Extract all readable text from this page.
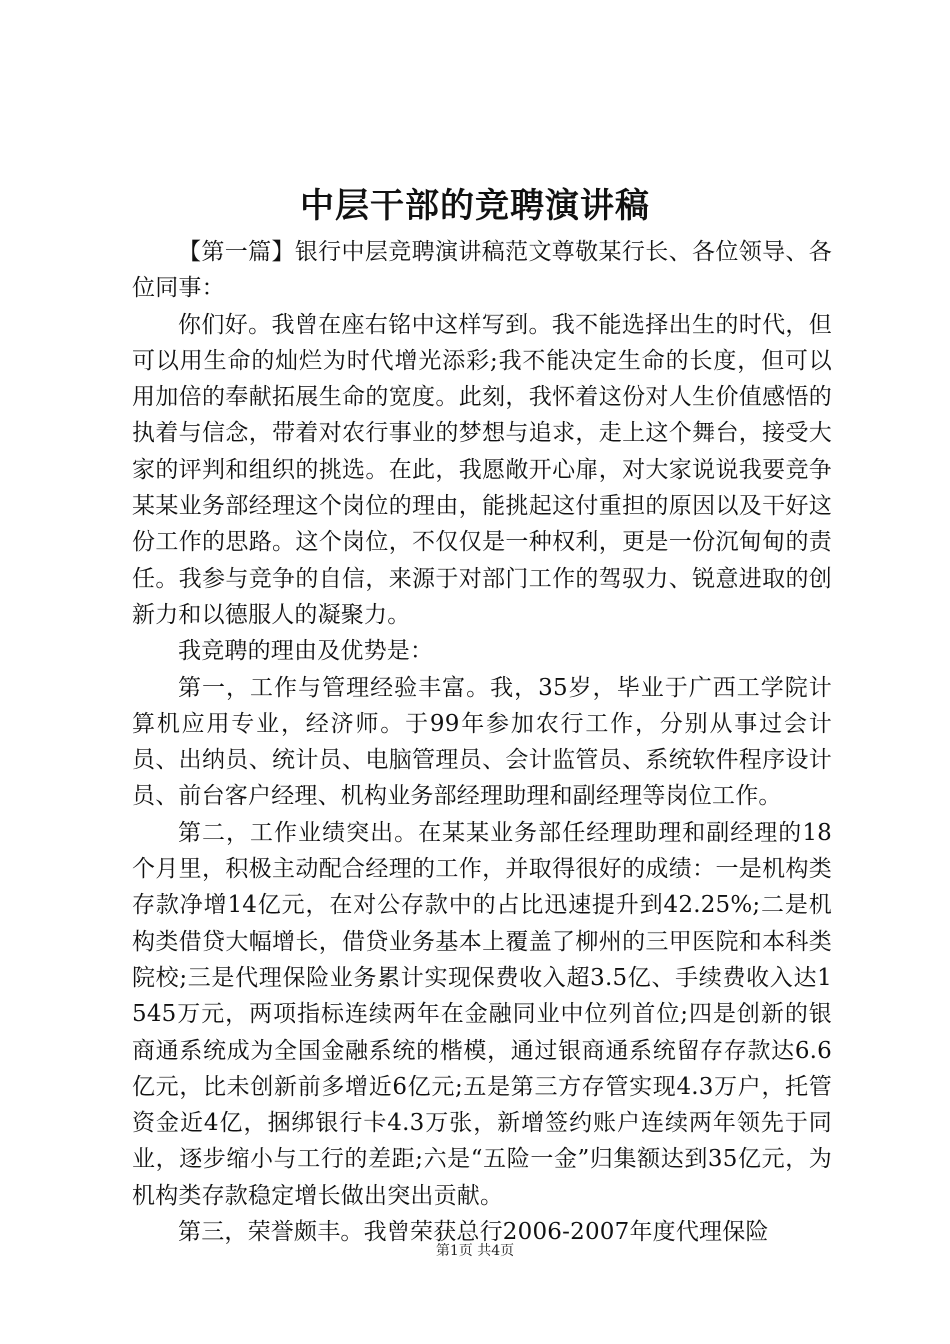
中层干部的竞聘演讲稿

【第一篇】银行中层竞聘演讲稿范文尊敬某行长、各位领导、各位同事：

你们好。我曾在座右铭中这样写到。我不能选择出生的时代，但可以用生命的灿烂为时代增光添彩;我不能决定生命的长度，但可以用加倍的奉献拓展生命的宽度。此刻，我怀着这份对人生价值感悟的执着与信念，带着对农行事业的梦想与追求，走上这个舞台，接受大家的评判和组织的挑选。在此，我愿敞开心扉，对大家说说我要竞争某某业务部经理这个岗位的理由，能挑起这付重担的原因以及干好这份工作的思路。这个岗位，不仅仅是一种权利，更是一份沉甸甸的责任。我参与竞争的自信，来源于对部门工作的驾驭力、锐意进取的创新力和以德服人的凝聚力。

我竞聘的理由及优势是：

第一，工作与管理经验丰富。我，35岁，毕业于广西工学院计算机应用专业，经济师。于99年参加农行工作，分别从事过会计员、出纳员、统计员、电脑管理员、会计监管员、系统软件程序设计员、前台客户经理、机构业务部经理助理和副经理等岗位工作。

第二，工作业绩突出。在某某业务部任经理助理和副经理的18个月里，积极主动配合经理的工作，并取得很好的成绩：一是机构类存款净增14亿元，在对公存款中的占比迅速提升到42.25%;二是机构类借贷大幅增长，借贷业务基本上覆盖了柳州的三甲医院和本科类院校;三是代理保险业务累计实现保费收入超3.5亿、手续费收入达1545万元，两项指标连续两年在金融同业中位列首位;四是创新的银商通系统成为全国金融系统的楷模，通过银商通系统留存存款达6.6亿元，比未创新前多增近6亿元;五是第三方存管实现4.3万户，托管资金近4亿，捆绑银行卡4.3万张，新增签约账户连续两年领先于同业，逐步缩小与工行的差距;六是“五险一金”归集额达到35亿元，为机构类存款稳定增长做出突出贡献。

第三，荣誉颇丰。我曾荣获总行2006-2007年度代理保险

第1页 共4页
